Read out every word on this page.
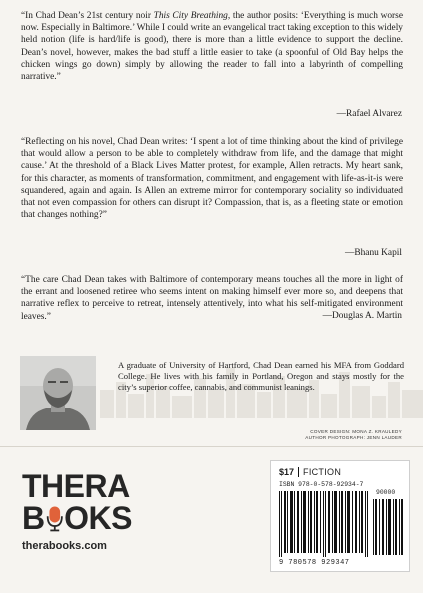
“In Chad Dean’s 21st century noir This City Breathing, the author posits: ‘Everything is much worse now. Especially in Baltimore.’ While I could write an evangelical tract taking exception to this widely held notion (life is hard/life is good), there is more than a little evidence to support the decline. Dean’s novel, however, makes the bad stuff a little easier to take (a spoonful of Old Bay helps the chicken wings go down) simply by allowing the reader to fall into a labyrinth of compelling narrative.”

—Rafael Alvarez

“Reflecting on his novel, Chad Dean writes: ‘I spent a lot of time thinking about the kind of privilege that would allow a person to be able to completely withdraw from life, and the damage that might cause.’ At the threshold of a Black Lives Matter protest, for example, Allen retracts. My heart sank, for this character, as moments of transformation, commitment, and engagement with life-as-it-is were squandered, again and again. Is Allen an extreme mirror for contemporary sociality so individuated that not even compassion for others can disrupt it? Compassion, that is, as a fleeting state or emotion that changes nothing?”

—Bhanu Kapil

“The care Chad Dean takes with Baltimore of contemporary means touches all the more in light of the errant and loosened retiree who seems intent on making himself ever more so, and deepens that narrative reflex to perceive to retreat, intensely attentively, into what his self-mitigated environment leaves.”	—Douglas A. Martin

A graduate of University of Hartford, Chad Dean earned his MFA from Goddard College. He lives with his family in Portland, Oregon and stays mostly for the city’s superior coffee, cannabis, and communist leanings.

COVER DESIGN: MONA Z. KRAULEDY
AUTHOR PHOTOGRAPH: JENN LAUDER
THERA
B OKS
therabooks.com
$17	FICTION
ISBN 978-0-578-92934-7
90000
9 780578 929347
